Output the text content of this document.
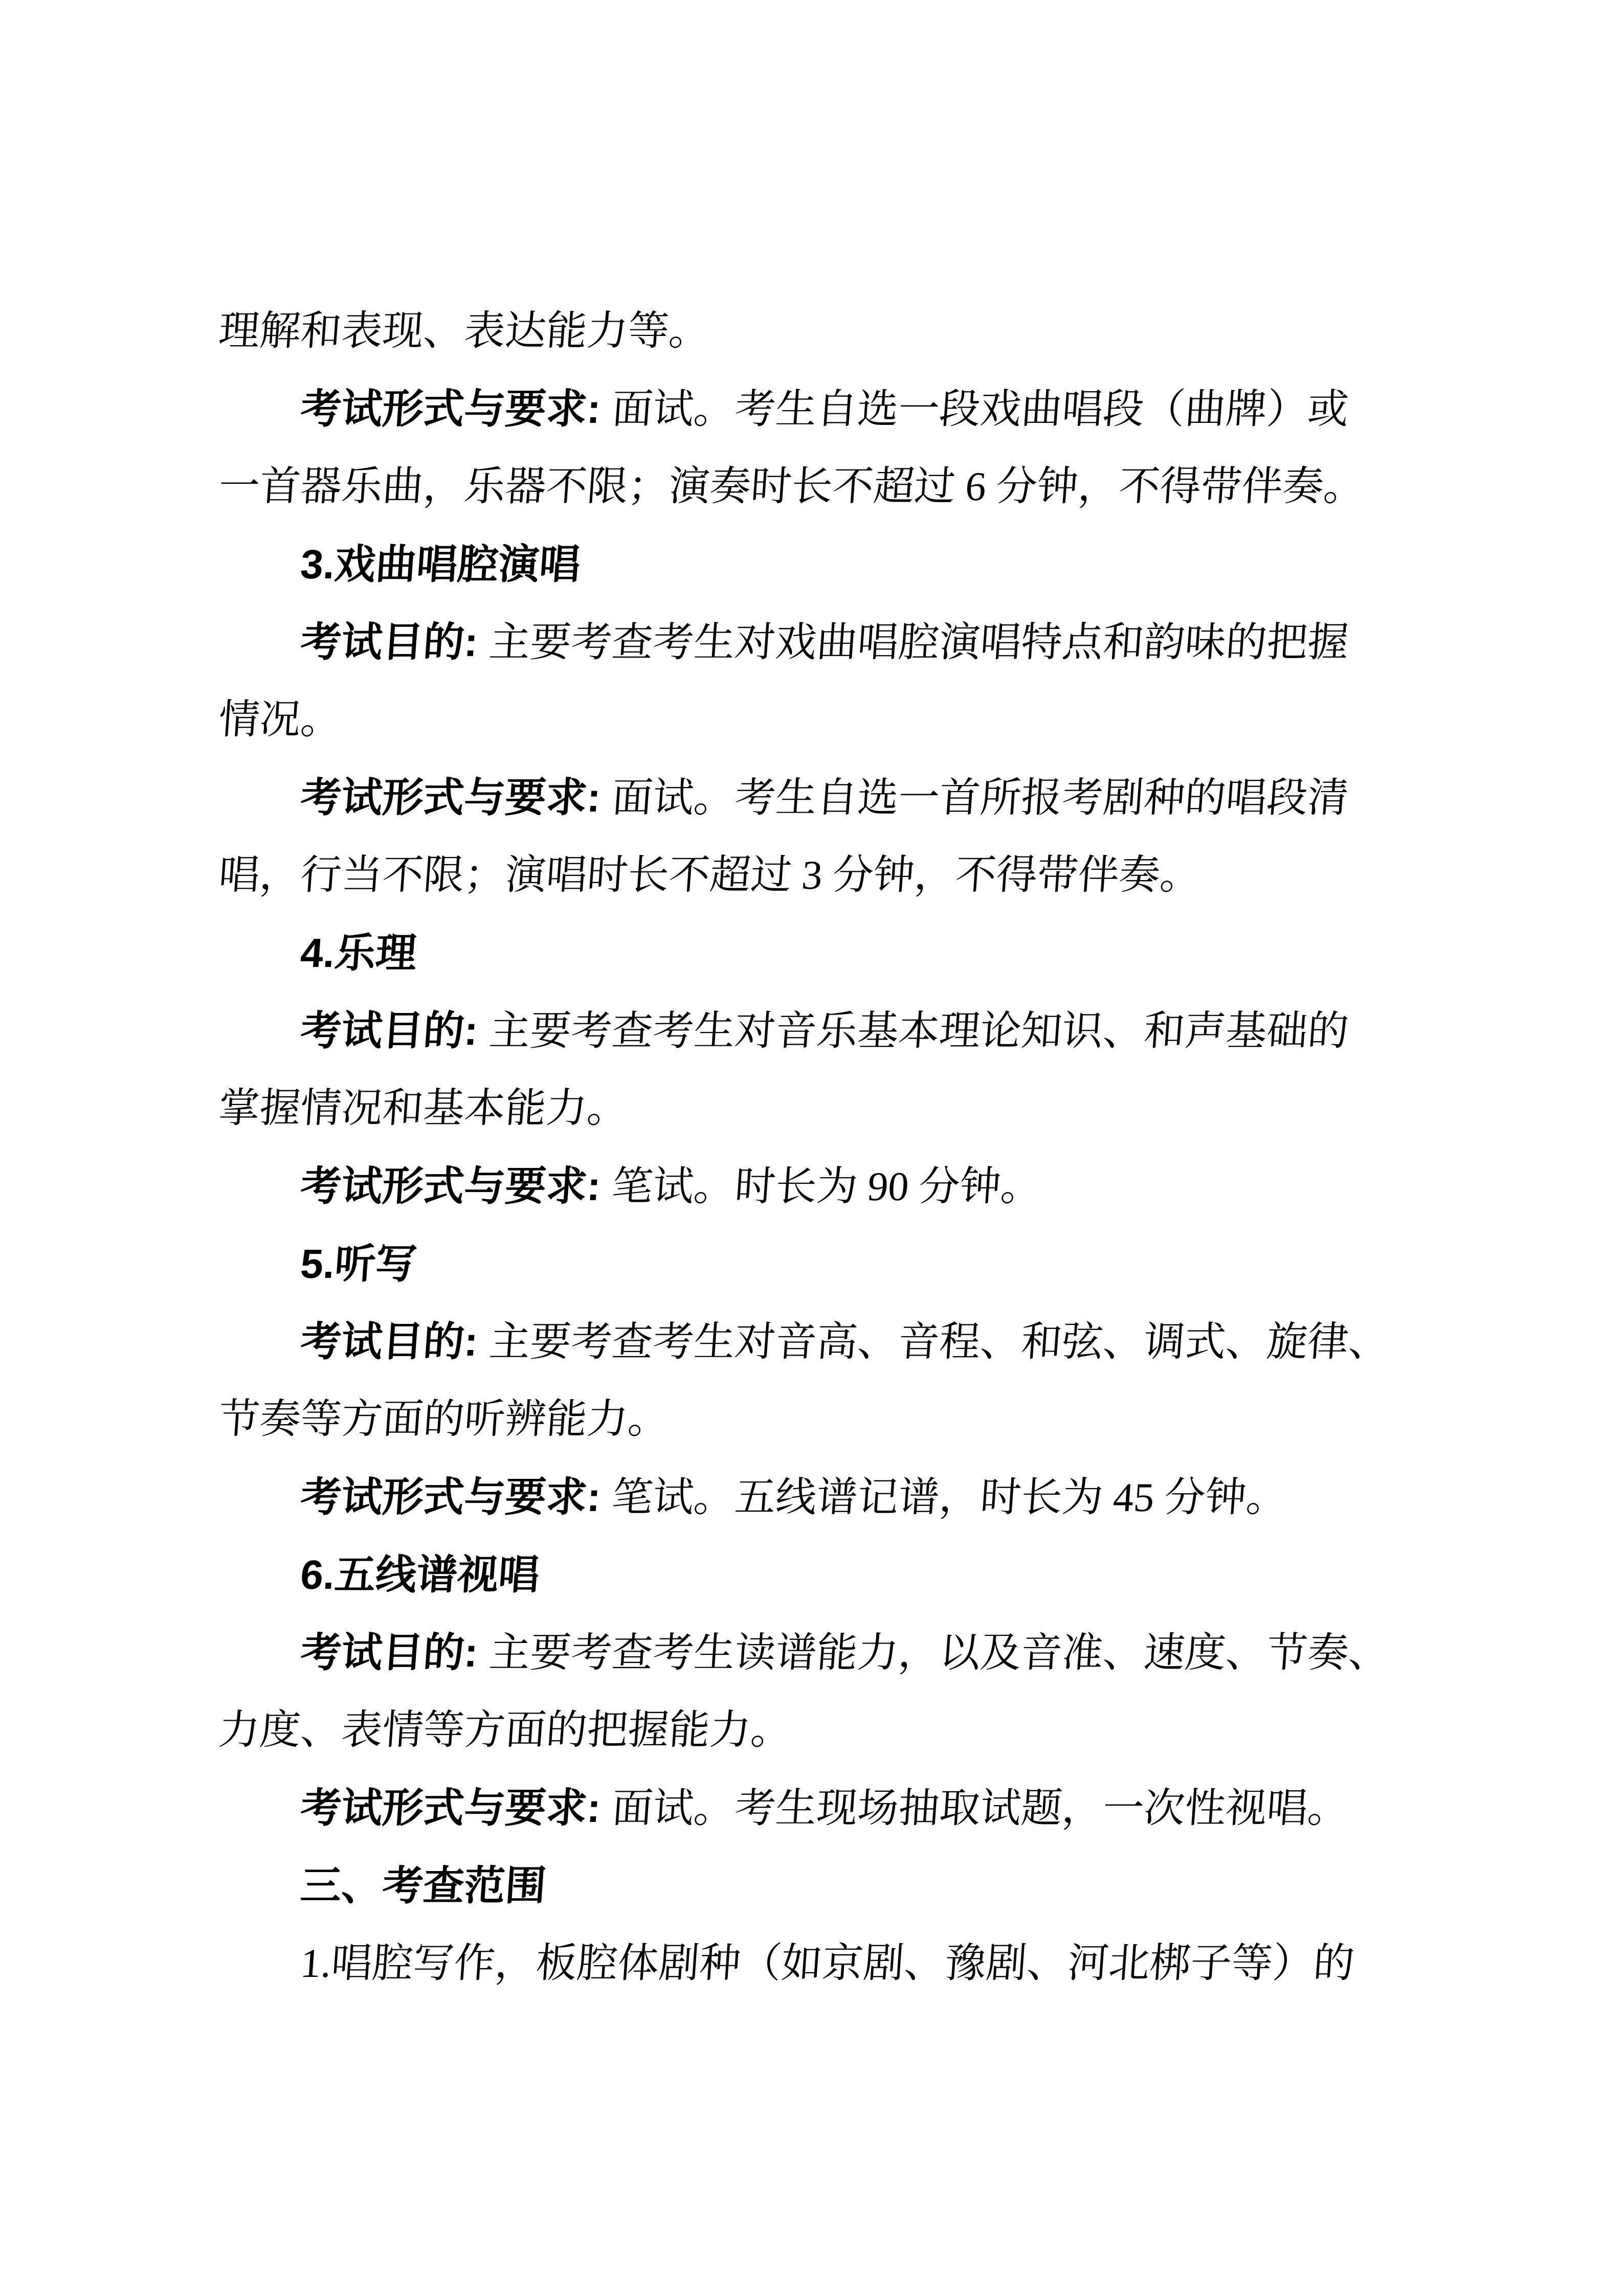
理解和表现、表达能力等。
考试形式与要求: 面试。考生自选一段戏曲唱段（曲牌）或
一首器乐曲，乐器不限；演奏时长不超过 6 分钟，不得带伴奏。
3.戏曲唱腔演唱
考试目的: 主要考查考生对戏曲唱腔演唱特点和韵味的把握
情况。
考试形式与要求: 面试。考生自选一首所报考剧种的唱段清
唱，行当不限；演唱时长不超过 3 分钟，不得带伴奏。
4.乐理
考试目的: 主要考查考生对音乐基本理论知识、和声基础的
掌握情况和基本能力。
考试形式与要求: 笔试。时长为 90 分钟。
5.听写
考试目的: 主要考查考生对音高、音程、和弦、调式、旋律、
节奏等方面的听辨能力。
考试形式与要求: 笔试。五线谱记谱，时长为 45 分钟。
6.五线谱视唱
考试目的: 主要考查考生读谱能力，以及音准、速度、节奏、
力度、表情等方面的把握能力。
考试形式与要求: 面试。考生现场抽取试题，一次性视唱。
三、考查范围
1.唱腔写作，板腔体剧种（如京剧、豫剧、河北梆子等）的
